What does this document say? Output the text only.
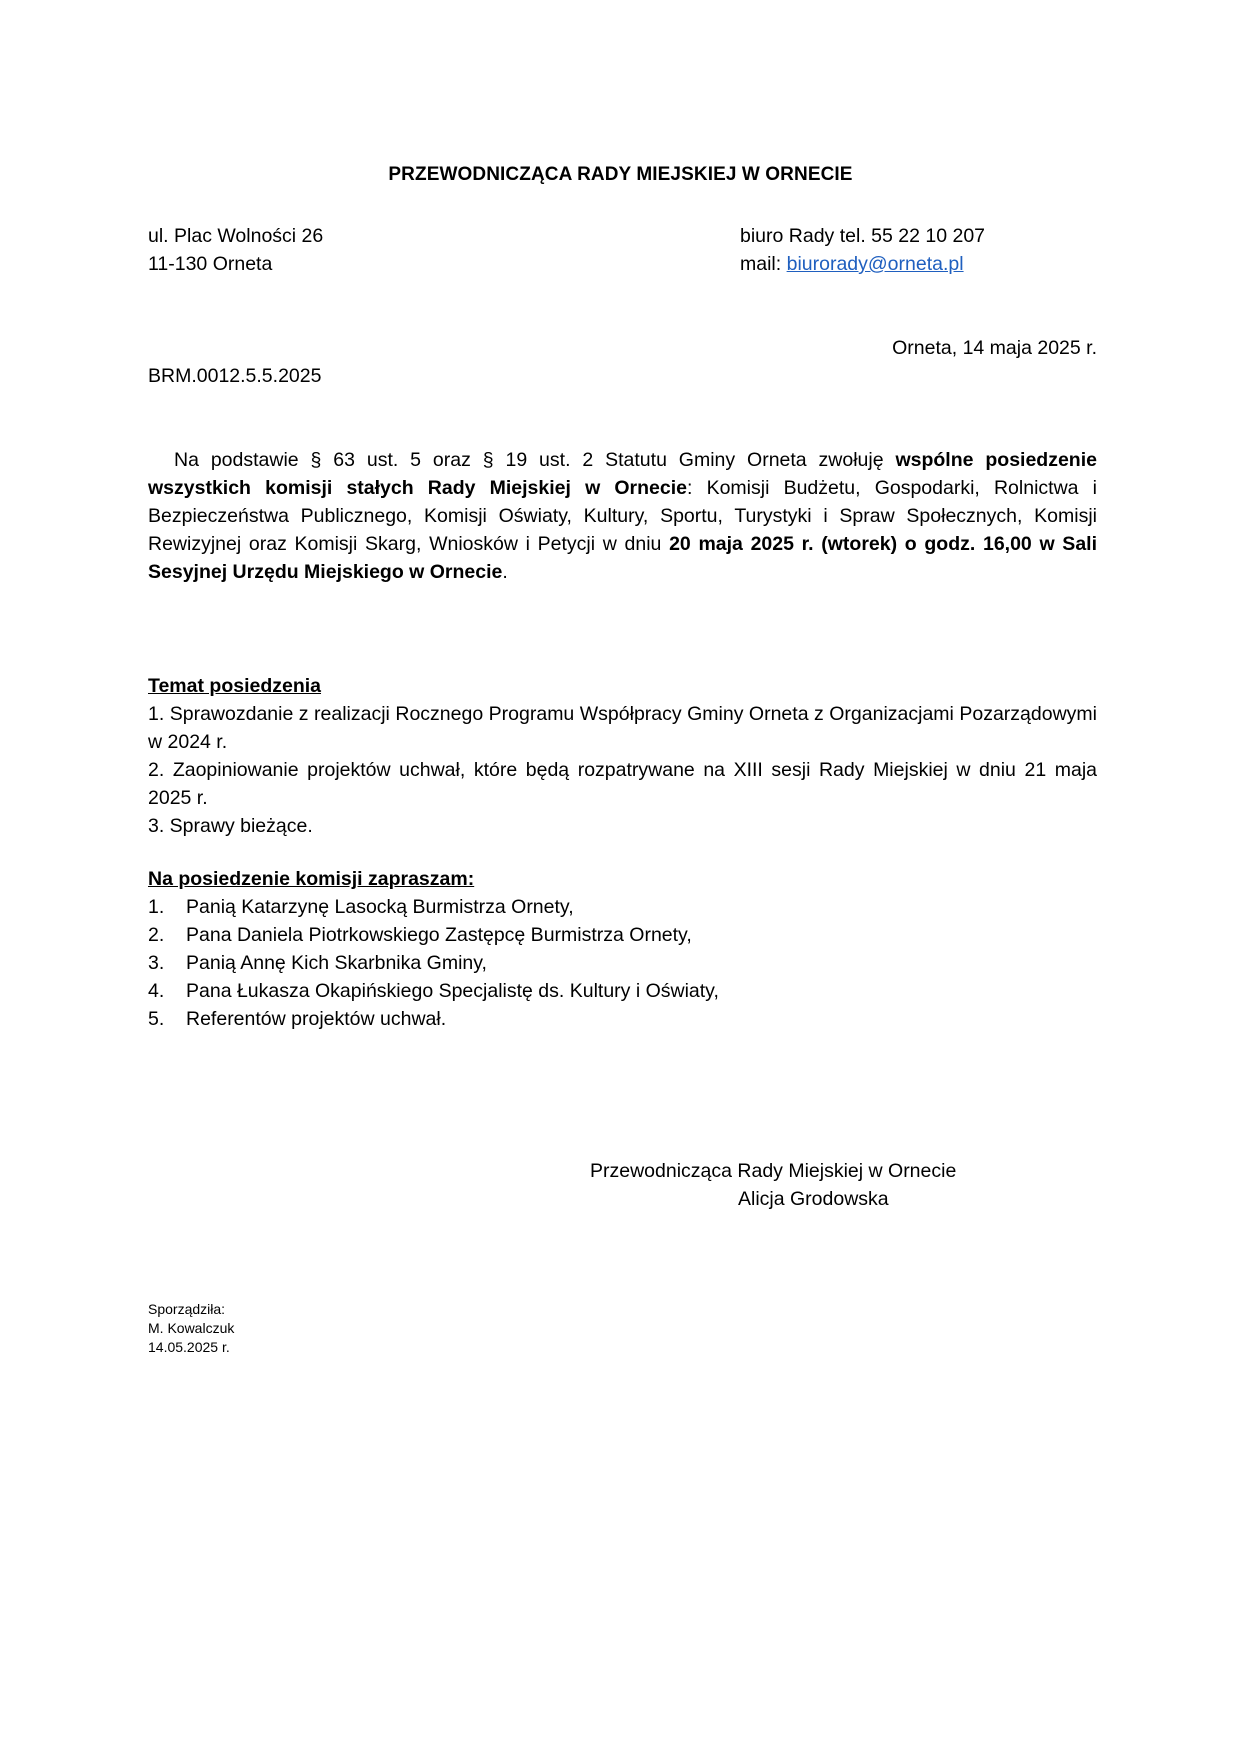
PRZEWODNICZĄCA RADY MIEJSKIEJ W ORNECIE
ul. Plac Wolności 26
11-130 Orneta
biuro Rady tel. 55 22 10 207
mail: biurorady@orneta.pl
Orneta, 14 maja 2025 r.
BRM.0012.5.5.2025
Na podstawie § 63 ust. 5 oraz § 19 ust. 2 Statutu Gminy Orneta zwołuję wspólne posiedzenie wszystkich komisji stałych Rady Miejskiej w Ornecie: Komisji Budżetu, Gospodarki, Rolnictwa i Bezpieczeństwa Publicznego, Komisji Oświaty, Kultury, Sportu, Turystyki i Spraw Społecznych, Komisji Rewizyjnej oraz Komisji Skarg, Wniosków i Petycji w dniu 20 maja 2025 r. (wtorek) o godz. 16,00 w Sali Sesyjnej Urzędu Miejskiego w Ornecie.
Temat posiedzenia
1. Sprawozdanie z realizacji Rocznego Programu Współpracy Gminy Orneta z Organizacjami Pozarządowymi w 2024 r.
2. Zaopiniowanie projektów uchwał, które będą rozpatrywane na XIII sesji Rady Miejskiej w dniu 21 maja 2025 r.
3. Sprawy bieżące.
Na posiedzenie komisji zapraszam:
1.	Panią Katarzynę Lasocką Burmistrza Ornety,
2.	Pana Daniela Piotrkowskiego Zastępcę Burmistrza Ornety,
3.	Panią Annę Kich Skarbnika Gminy,
4.	Pana Łukasza Okapińskiego Specjalistę ds. Kultury i Oświaty,
5.	Referentów projektów uchwał.
Przewodnicząca Rady Miejskiej w Ornecie
Alicja Grodowska
Sporządziła:
M. Kowalczuk
14.05.2025 r.
